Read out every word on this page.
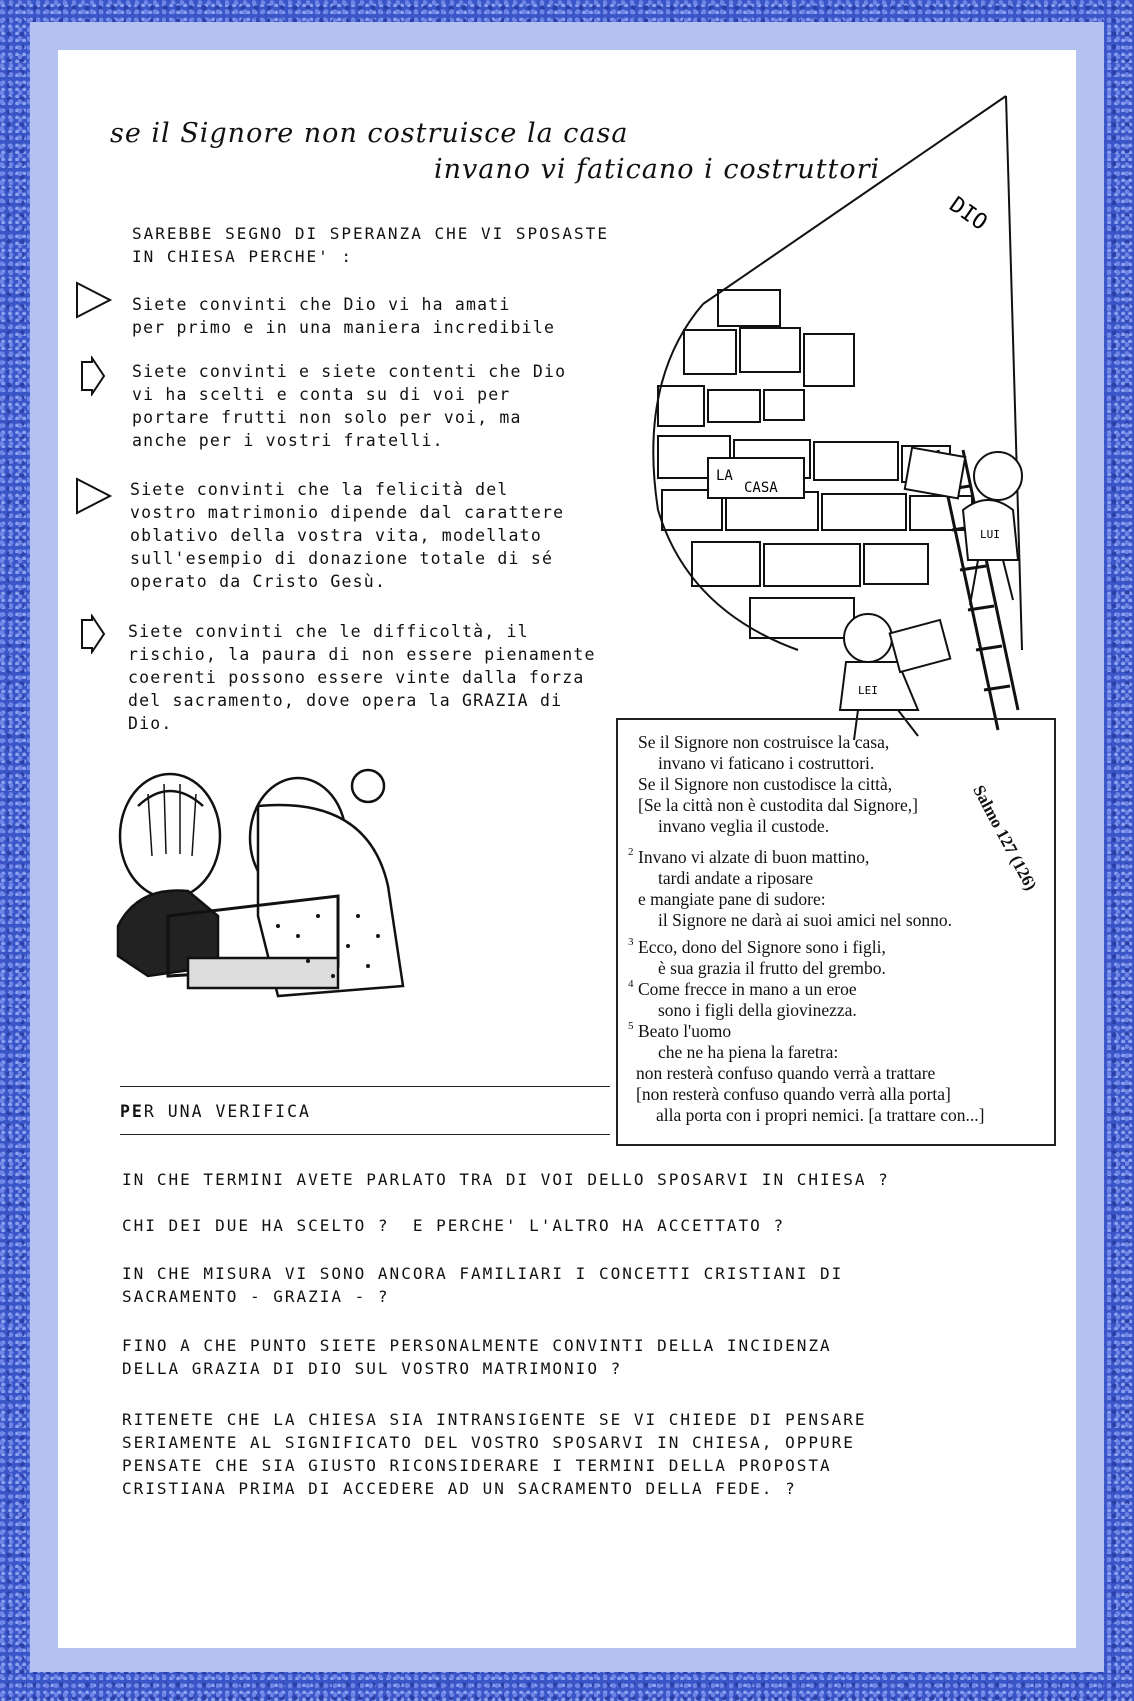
se il Signore non costruisce la casa
invano vi faticano i costruttori
DIO
LA
CASA
LUI
LEI
SAREBBE SEGNO DI SPERANZA CHE VI SPOSASTE
IN CHIESA PERCHE' :
Siete convinti che Dio vi ha amati
per primo e in una maniera incredibile
Siete convinti e siete contenti che Dio
vi ha scelti e conta su di voi per
portare frutti non solo per voi, ma
anche per i vostri fratelli.
Siete convinti che la felicità del
vostro matrimonio dipende dal carattere
oblativo della vostra vita, modellato
sull'esempio di donazione totale di sé
operato da Cristo Gesù.
Siete convinti che le difficoltà, il
rischio, la paura di non essere pienamente
coerenti possono essere vinte dalla forza
del sacramento, dove opera la GRAZIA di
Dio.
Salmo 127 (126)
Se il Signore non costruisce la casa,
invano vi faticano i costruttori.
Se il Signore non custodisce la città,
[Se la città non è custodita dal Signore,]
invano veglia il custode.
$^2$ Invano vi alzate di buon mattino,
tardi andate a riposare
e mangiate pane di sudore:
il Signore ne darà ai suoi amici nel sonno.
$^3$ Ecco, dono del Signore sono i figli,
è sua grazia il frutto del grembo.
$^4$ Come frecce in mano a un eroe
sono i figli della giovinezza.
$^5$ Beato l'uomo
che ne ha piena la faretra:
non resterà confuso quando verrà a trattare
[non resterà confuso quando verrà alla porta]
alla porta con i propri nemici. [a trattare con...]
PER UNA VERIFICA
IN CHE TERMINI AVETE PARLATO TRA DI VOI DELLO SPOSARVI IN CHIESA ?
CHI DEI DUE HA SCELTO ?  E PERCHE' L'ALTRO HA ACCETTATO ?
IN CHE MISURA VI SONO ANCORA FAMILIARI I CONCETTI CRISTIANI DI
SACRAMENTO - GRAZIA - ?
FINO A CHE PUNTO SIETE PERSONALMENTE CONVINTI DELLA INCIDENZA
DELLA GRAZIA DI DIO SUL VOSTRO MATRIMONIO ?
RITENETE CHE LA CHIESA SIA INTRANSIGENTE SE VI CHIEDE DI PENSARE
SERIAMENTE AL SIGNIFICATO DEL VOSTRO SPOSARVI IN CHIESA, OPPURE
PENSATE CHE SIA GIUSTO RICONSIDERARE I TERMINI DELLA PROPOSTA
CRISTIANA PRIMA DI ACCEDERE AD UN SACRAMENTO DELLA FEDE. ?
